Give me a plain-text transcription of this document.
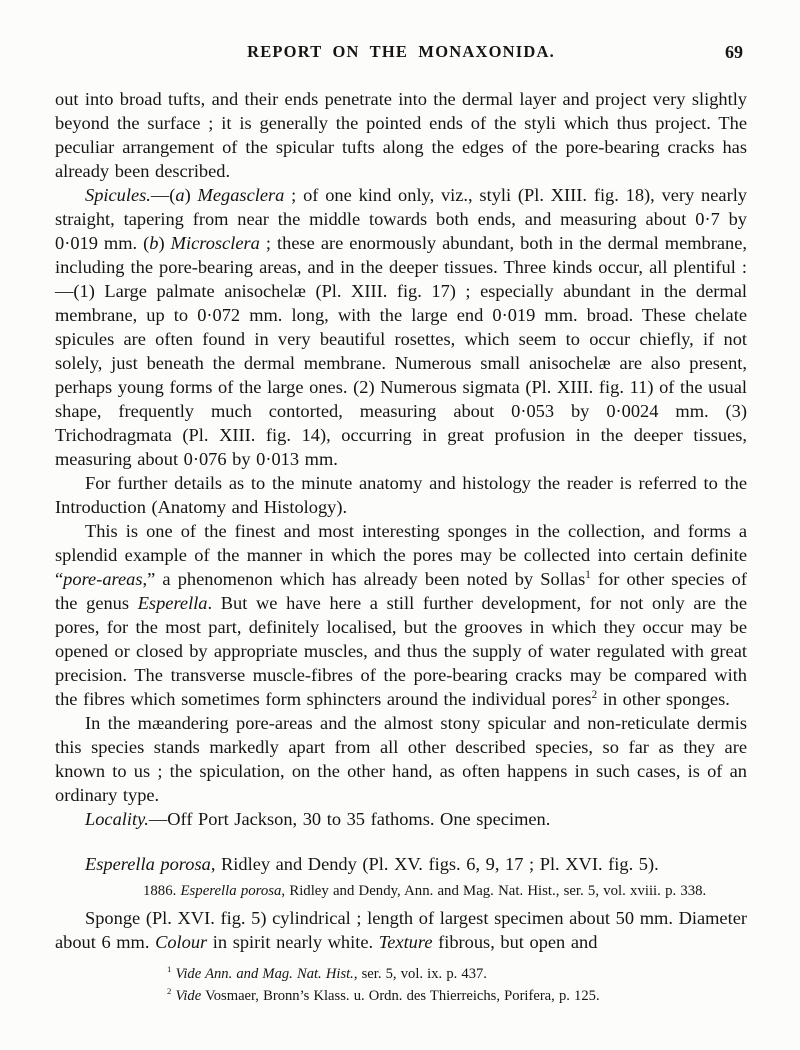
REPORT ON THE MONAXONIDA.	69

out into broad tufts, and their ends penetrate into the dermal layer and project very slightly beyond the surface ; it is generally the pointed ends of the styli which thus project. The peculiar arrangement of the spicular tufts along the edges of the pore-bearing cracks has already been described.

Spicules.—(a) Megasclera ; of one kind only, viz., styli (Pl. XIII. fig. 18), very nearly straight, tapering from near the middle towards both ends, and measuring about 0·7 by 0·019 mm. (b) Microsclera ; these are enormously abundant, both in the dermal membrane, including the pore-bearing areas, and in the deeper tissues. Three kinds occur, all plentiful :—(1) Large palmate anisochelæ (Pl. XIII. fig. 17) ; especially abundant in the dermal membrane, up to 0·072 mm. long, with the large end 0·019 mm. broad. These chelate spicules are often found in very beautiful rosettes, which seem to occur chiefly, if not solely, just beneath the dermal membrane. Numerous small anisochelæ are also present, perhaps young forms of the large ones. (2) Numerous sigmata (Pl. XIII. fig. 11) of the usual shape, frequently much contorted, measuring about 0·053 by 0·0024 mm. (3) Trichodragmata (Pl. XIII. fig. 14), occurring in great profusion in the deeper tissues, measuring about 0·076 by 0·013 mm.

For further details as to the minute anatomy and histology the reader is referred to the Introduction (Anatomy and Histology).

This is one of the finest and most interesting sponges in the collection, and forms a splendid example of the manner in which the pores may be collected into certain definite “pore-areas,” a phenomenon which has already been noted by Sollas$^1$ for other species of the genus Esperella. But we have here a still further development, for not only are the pores, for the most part, definitely localised, but the grooves in which they occur may be opened or closed by appropriate muscles, and thus the supply of water regulated with great precision. The transverse muscle-fibres of the pore-bearing cracks may be compared with the fibres which sometimes form sphincters around the individual pores$^2$ in other sponges.

In the mæandering pore-areas and the almost stony spicular and non-reticulate dermis this species stands markedly apart from all other described species, so far as they are known to us ; the spiculation, on the other hand, as often happens in such cases, is of an ordinary type.

Locality.—Off Port Jackson, 30 to 35 fathoms. One specimen.

Esperella porosa, Ridley and Dendy (Pl. XV. figs. 6, 9, 17 ; Pl. XVI. fig. 5).

1886. Esperella porosa, Ridley and Dendy, Ann. and Mag. Nat. Hist., ser. 5, vol. xviii. p. 338.

Sponge (Pl. XVI. fig. 5) cylindrical ; length of largest specimen about 50 mm. Diameter about 6 mm. Colour in spirit nearly white. Texture fibrous, but open and

$^1$ Vide Ann. and Mag. Nat. Hist., ser. 5, vol. ix. p. 437.

$^2$ Vide Vosmaer, Bronn’s Klass. u. Ordn. des Thierreichs, Porifera, p. 125.
